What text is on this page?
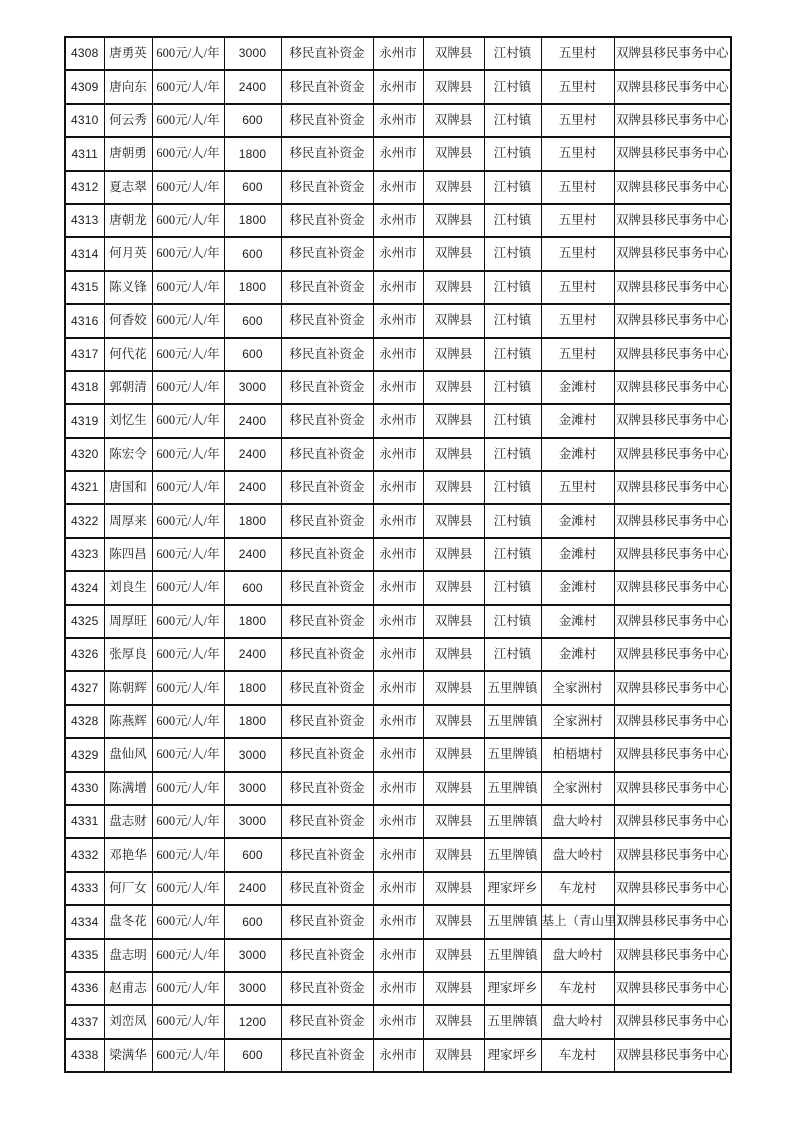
4308	唐勇英	600元/人/年	3000	移民直补资金	永州市	双牌县	江村镇	五里村	双牌县移民事务中心
4309	唐向东	600元/人/年	2400	移民直补资金	永州市	双牌县	江村镇	五里村	双牌县移民事务中心
4310	何云秀	600元/人/年	600	移民直补资金	永州市	双牌县	江村镇	五里村	双牌县移民事务中心
4311	唐朝勇	600元/人/年	1800	移民直补资金	永州市	双牌县	江村镇	五里村	双牌县移民事务中心
4312	夏志翠	600元/人/年	600	移民直补资金	永州市	双牌县	江村镇	五里村	双牌县移民事务中心
4313	唐朝龙	600元/人/年	1800	移民直补资金	永州市	双牌县	江村镇	五里村	双牌县移民事务中心
4314	何月英	600元/人/年	600	移民直补资金	永州市	双牌县	江村镇	五里村	双牌县移民事务中心
4315	陈义锋	600元/人/年	1800	移民直补资金	永州市	双牌县	江村镇	五里村	双牌县移民事务中心
4316	何香姣	600元/人/年	600	移民直补资金	永州市	双牌县	江村镇	五里村	双牌县移民事务中心
4317	何代花	600元/人/年	600	移民直补资金	永州市	双牌县	江村镇	五里村	双牌县移民事务中心
4318	郭朝清	600元/人/年	3000	移民直补资金	永州市	双牌县	江村镇	金滩村	双牌县移民事务中心
4319	刘忆生	600元/人/年	2400	移民直补资金	永州市	双牌县	江村镇	金滩村	双牌县移民事务中心
4320	陈宏令	600元/人/年	2400	移民直补资金	永州市	双牌县	江村镇	金滩村	双牌县移民事务中心
4321	唐国和	600元/人/年	2400	移民直补资金	永州市	双牌县	江村镇	五里村	双牌县移民事务中心
4322	周厚来	600元/人/年	1800	移民直补资金	永州市	双牌县	江村镇	金滩村	双牌县移民事务中心
4323	陈四昌	600元/人/年	2400	移民直补资金	永州市	双牌县	江村镇	金滩村	双牌县移民事务中心
4324	刘良生	600元/人/年	600	移民直补资金	永州市	双牌县	江村镇	金滩村	双牌县移民事务中心
4325	周厚旺	600元/人/年	1800	移民直补资金	永州市	双牌县	江村镇	金滩村	双牌县移民事务中心
4326	张厚良	600元/人/年	2400	移民直补资金	永州市	双牌县	江村镇	金滩村	双牌县移民事务中心
4327	陈朝辉	600元/人/年	1800	移民直补资金	永州市	双牌县	五里牌镇	全家洲村	双牌县移民事务中心
4328	陈燕辉	600元/人/年	1800	移民直补资金	永州市	双牌县	五里牌镇	全家洲村	双牌县移民事务中心
4329	盘仙风	600元/人/年	3000	移民直补资金	永州市	双牌县	五里牌镇	柏梧塘村	双牌县移民事务中心
4330	陈满增	600元/人/年	3000	移民直补资金	永州市	双牌县	五里牌镇	全家洲村	双牌县移民事务中心
4331	盘志财	600元/人/年	3000	移民直补资金	永州市	双牌县	五里牌镇	盘大岭村	双牌县移民事务中心
4332	邓艳华	600元/人/年	600	移民直补资金	永州市	双牌县	五里牌镇	盘大岭村	双牌县移民事务中心
4333	何厂女	600元/人/年	2400	移民直补资金	永州市	双牌县	理家坪乡	车龙村	双牌县移民事务中心
4334	盘冬花	600元/人/年	600	移民直补资金	永州市	双牌县	五里牌镇	基上（青山里）	双牌县移民事务中心
4335	盘志明	600元/人/年	3000	移民直补资金	永州市	双牌县	五里牌镇	盘大岭村	双牌县移民事务中心
4336	赵甫志	600元/人/年	3000	移民直补资金	永州市	双牌县	理家坪乡	车龙村	双牌县移民事务中心
4337	刘峦凤	600元/人/年	1200	移民直补资金	永州市	双牌县	五里牌镇	盘大岭村	双牌县移民事务中心
4338	梁满华	600元/人/年	600	移民直补资金	永州市	双牌县	理家坪乡	车龙村	双牌县移民事务中心
